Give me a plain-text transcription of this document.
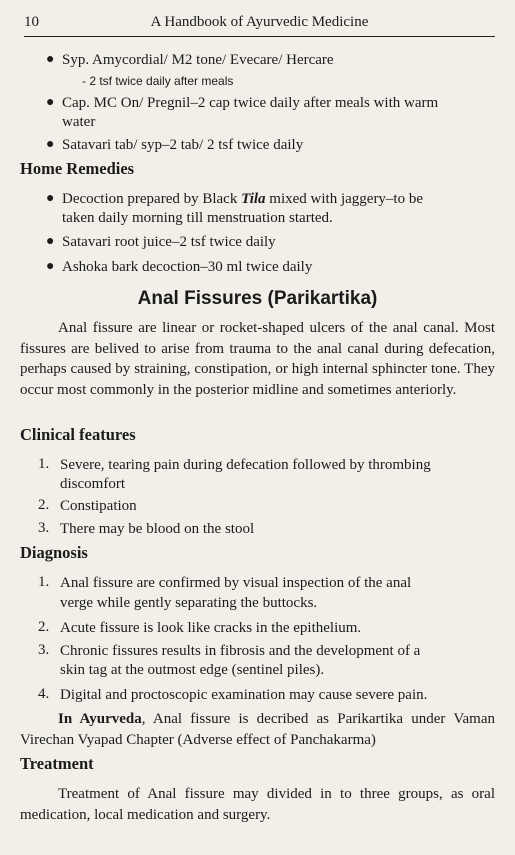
10	A Handbook of Ayurvedic Medicine
● Syp. Amycordial/ M2 tone/ Evecare/ Hercare
- 2 tsf twice daily after meals
● Cap. MC On/ Pregnil–2 cap twice daily after meals with warm
water
● Satavari tab/ syp–2 tab/ 2 tsf twice daily
Home Remedies
● Decoction prepared by Black Tila mixed with jaggery–to be
taken daily morning till menstruation started.
● Satavari root juice–2 tsf twice daily
● Ashoka bark decoction–30 ml twice daily
Anal Fissures (Parikartika)
Anal fissure are linear or rocket-shaped ulcers of the anal canal. Most fissures are belived to arise from trauma to the anal canal during defecation, perhaps caused by straining, constipation, or high internal sphincter tone. They occur most commonly in the posterior midline and sometimes anteriorly.
Clinical features
1. Severe, tearing pain during defecation followed by thrombing
discomfort
2. Constipation
3. There may be blood on the stool
Diagnosis
1. Anal fissure are confirmed by visual inspection of the anal
verge while gently separating the buttocks.
2. Acute fissure is look like cracks in the epithelium.
3. Chronic fissures results in fibrosis and the development of a
skin tag at the outmost edge (sentinel piles).
4. Digital and proctoscopic examination may cause severe pain.
In Ayurveda, Anal fissure is decribed as Parikartika under Vaman Virechan Vyapad Chapter (Adverse effect of Panchakarma)
Treatment
Treatment of Anal fissure may divided in to three groups, as oral medication, local medication and surgery.
